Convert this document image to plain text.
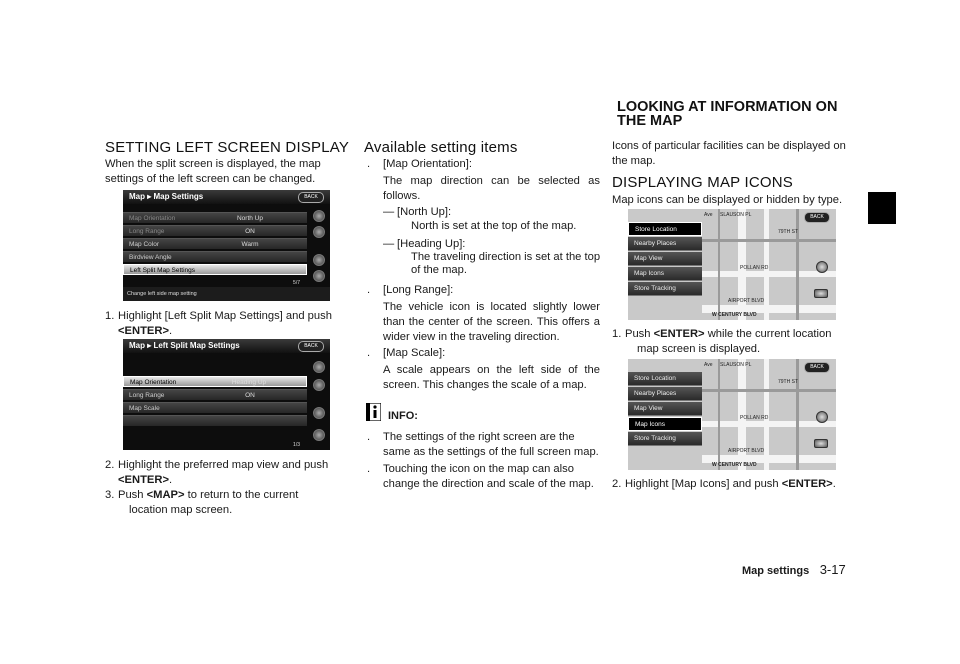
SETTING LEFT SCREEN DISPLAY
When the split screen is displayed, the map settings of the left screen can be changed.
Map ▸ Map Settings	BACK
Map Orientation	North Up
Long Range	ON
Map Color	Warm
Birdview Angle
Left Split Map Settings
5/7
Change left side map setting
1. Highlight [Left Split Map Settings] and push
<ENTER>.
Map ▸ Left Split Map Settings	BACK
Map Orientation	Heading Up
Long Range	ON
Map Scale
1/3
2. Highlight the preferred map view and push
<ENTER>.
3. Push <MAP> to return to the current
location map screen.
Available setting items
. [Map Orientation]:
The map direction can be selected as follows.
— [North Up]:
North is set at the top of the map.
— [Heading Up]:
The traveling direction is set at the top of the map.
. [Long Range]:
The vehicle icon is located slightly lower than the center of the screen. This offers a wider view in the traveling direction.
. [Map Scale]:
A scale appears on the left side of the screen. This changes the scale of a map.
INFO:
. The settings of the right screen are the same as the settings of the full screen map.
. Touching the icon on the map can also change the direction and scale of the map.
LOOKING AT INFORMATION ON
THE MAP
Icons of particular facilities can be displayed on the map.
DISPLAYING MAP ICONS
Map icons can be displayed or hidden by type.
Ave SLAUSON PL
POLLAN RD
AIRPORT BLVD
79TH ST
W CENTURY BLVD
BACK
Store Location
Nearby Places
Map View
Map Icons
Store Tracking
1. Push <ENTER> while the current location
map screen is displayed.
Ave SLAUSON PL
POLLAN RD
AIRPORT BLVD
79TH ST
W CENTURY BLVD
BACK
Store Location
Nearby Places
Map View
Map Icons
Store Tracking
2. Highlight [Map Icons] and push <ENTER>.
Map settings 3-17
